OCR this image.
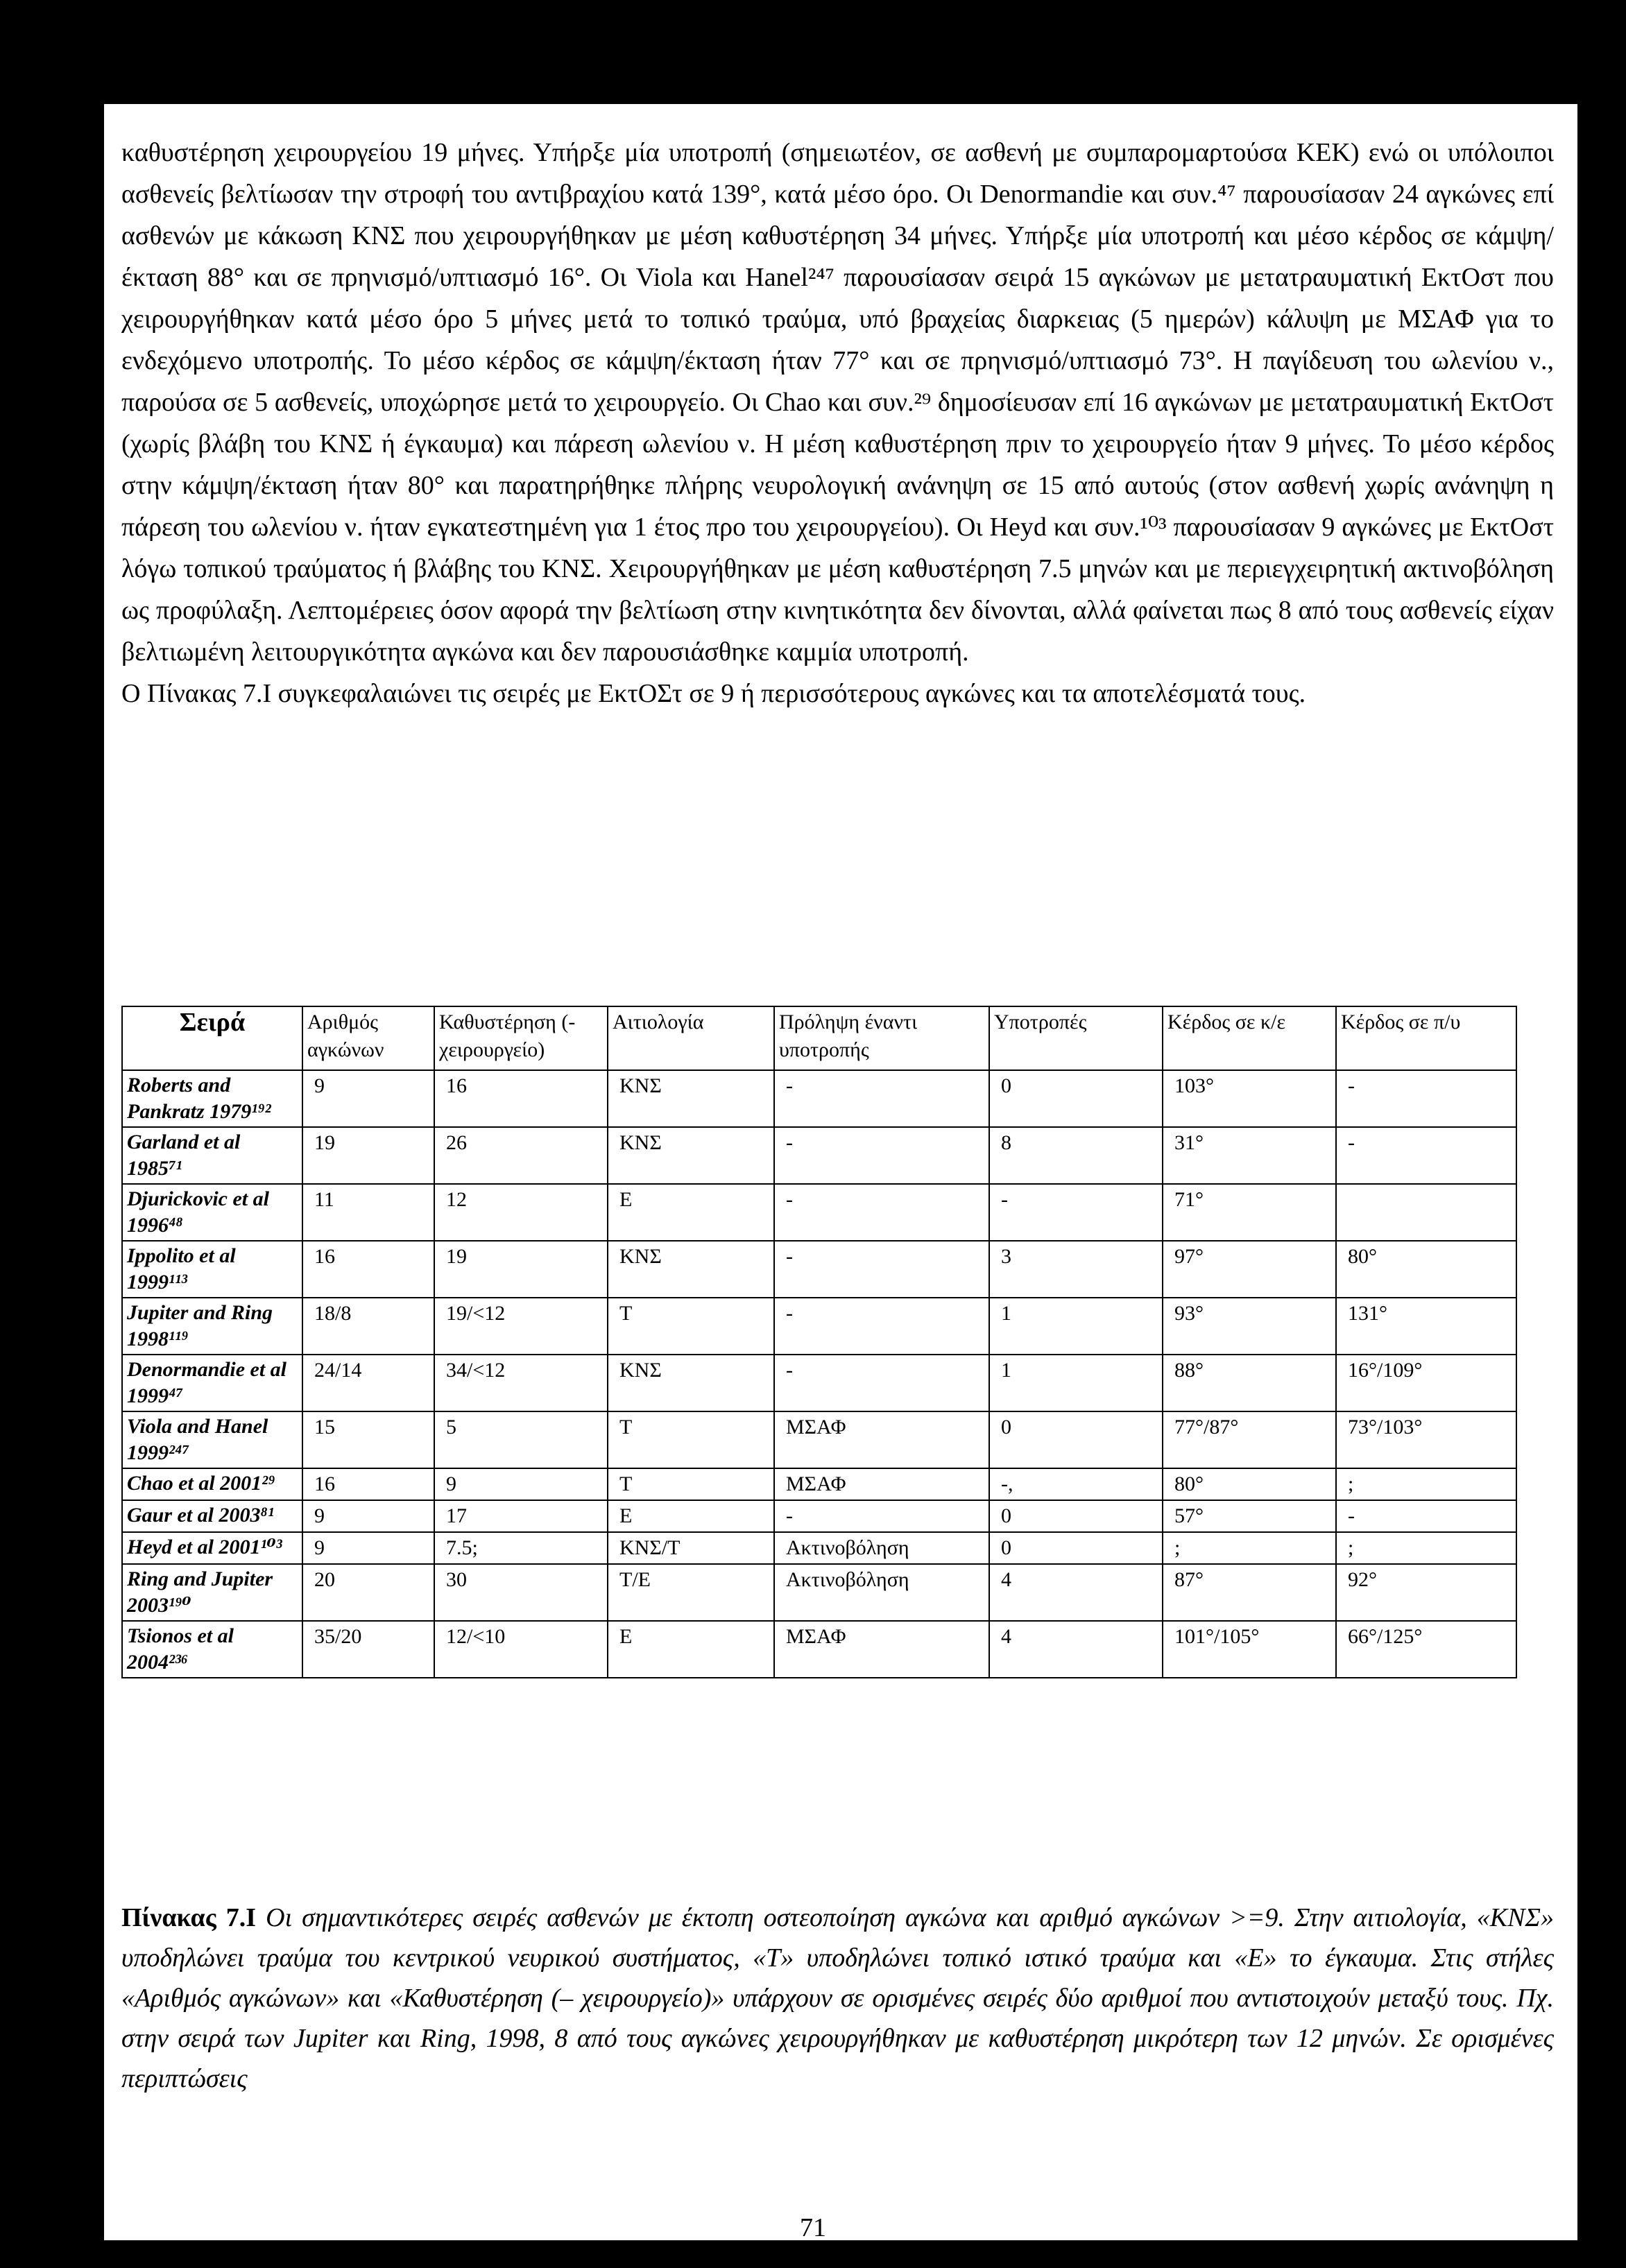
καθυστέρηση χειρουργείου 19 μήνες. Υπήρξε μία υποτροπή (σημειωτέον, σε ασθενή με συμπαρομαρτούσα ΚΕΚ) ενώ οι υπόλοιποι ασθενείς βελτίωσαν την στροφή του αντιβραχίου κατά 139°, κατά μέσο όρο. Οι Denormandie και συν.⁴⁷ παρουσίασαν 24 αγκώνες επί ασθενών με κάκωση ΚΝΣ που χειρουργήθηκαν με μέση καθυστέρηση 34 μήνες. Υπήρξε μία υποτροπή και μέσο κέρδος σε κάμψη/έκταση 88° και σε πρηνισμό/υπτιασμό 16°. Οι Viola και Hanel²⁴⁷ παρουσίασαν σειρά 15 αγκώνων με μετατραυματική ΕκτΟστ που χειρουργήθηκαν κατά μέσο όρο 5 μήνες μετά το τοπικό τραύμα, υπό βραχείας διαρκειας (5 ημερών) κάλυψη με ΜΣΑΦ για το ενδεχόμενο υποτροπής. Το μέσο κέρδος σε κάμψη/έκταση ήταν 77° και σε πρηνισμό/υπτιασμό 73°. Η παγίδευση του ωλενίου ν., παρούσα σε 5 ασθενείς, υποχώρησε μετά το χειρουργείο. Οι Chao και συν.²⁹ δημοσίευσαν επί 16 αγκώνων με μετατραυματική ΕκτΟστ (χωρίς βλάβη του ΚΝΣ ή έγκαυμα) και πάρεση ωλενίου ν. Η μέση καθυστέρηση πριν το χειρουργείο ήταν 9 μήνες. Το μέσο κέρδος στην κάμψη/έκταση ήταν 80° και παρατηρήθηκε πλήρης νευρολογική ανάνηψη σε 15 από αυτούς (στον ασθενή χωρίς ανάνηψη η πάρεση του ωλενίου ν. ήταν εγκατεστημένη για 1 έτος προ του χειρουργείου). Οι Heyd και συν.¹⁰³ παρουσίασαν 9 αγκώνες με ΕκτΟστ λόγω τοπικού τραύματος ή βλάβης του ΚΝΣ. Χειρουργήθηκαν με μέση καθυστέρηση 7.5 μηνών και με περιεγχειρητική ακτινοβόληση ως προφύλαξη. Λεπτομέρειες όσον αφορά την βελτίωση στην κινητικότητα δεν δίνονται, αλλά φαίνεται πως 8 από τους ασθενείς είχαν βελτιωμένη λειτουργικότητα αγκώνα και δεν παρουσιάσθηκε καμμία υποτροπή.

Ο Πίνακας 7.Ι συγκεφαλαιώνει τις σειρές με ΕκτΟΣτ σε 9 ή περισσότερους αγκώνες και τα αποτελέσματά τους.

Σειρά	Αριθμός αγκώνων	Καθυστέρηση (-χειρουργείο)	Αιτιολογία	Πρόληψη έναντι υποτροπής	Υποτροπές	Κέρδος σε κ/ε	Κέρδος σε π/υ
Roberts and Pankratz 1979¹⁹²	9	16	ΚΝΣ	-	0	103°	-
Garland et al 1985⁷¹	19	26	ΚΝΣ	-	8	31°	-
Djurickovic et al 1996⁴⁸	11	12	Ε	-	-	71°	
Ippolito et al 1999¹¹³	16	19	ΚΝΣ	-	3	97°	80°
Jupiter and Ring 1998¹¹⁹	18/8	19/<12	Τ	-	1	93°	131°
Denormandie et al 1999⁴⁷	24/14	34/<12	ΚΝΣ	-	1	88°	16°/109°
Viola and Hanel 1999²⁴⁷	15	5	Τ	ΜΣΑΦ	0	77°/87°	73°/103°
Chao et al 2001²⁹	16	9	Τ	ΜΣΑΦ	-,	80°	;
Gaur et al 2003⁸¹	9	17	Ε	-	0	57°	-
Heyd et al 2001¹⁰³	9	7.5;	ΚΝΣ/Τ	Ακτινοβόληση	0	;	;
Ring and Jupiter 2003¹⁹⁰	20	30	Τ/Ε	Ακτινοβόληση	4	87°	92°
Tsionos et al 2004²³⁶	35/20	12/<10	Ε	ΜΣΑΦ	4	101°/105°	66°/125°
Πίνακας 7.Ι Οι σημαντικότερες σειρές ασθενών με έκτοπη οστεοποίηση αγκώνα και αριθμό αγκώνων >=9. Στην αιτιολογία, «ΚΝΣ» υποδηλώνει τραύμα του κεντρικού νευρικού συστήματος, «Τ» υποδηλώνει τοπικό ιστικό τραύμα και «Ε» το έγκαυμα. Στις στήλες «Αριθμός αγκώνων» και «Καθυστέρηση (– χειρουργείο)» υπάρχουν σε ορισμένες σειρές δύο αριθμοί που αντιστοιχούν μεταξύ τους. Πχ. στην σειρά των Jupiter και Ring, 1998, 8 από τους αγκώνες χειρουργήθηκαν με καθυστέρηση μικρότερη των 12 μηνών. Σε ορισμένες περιπτώσεις
71
